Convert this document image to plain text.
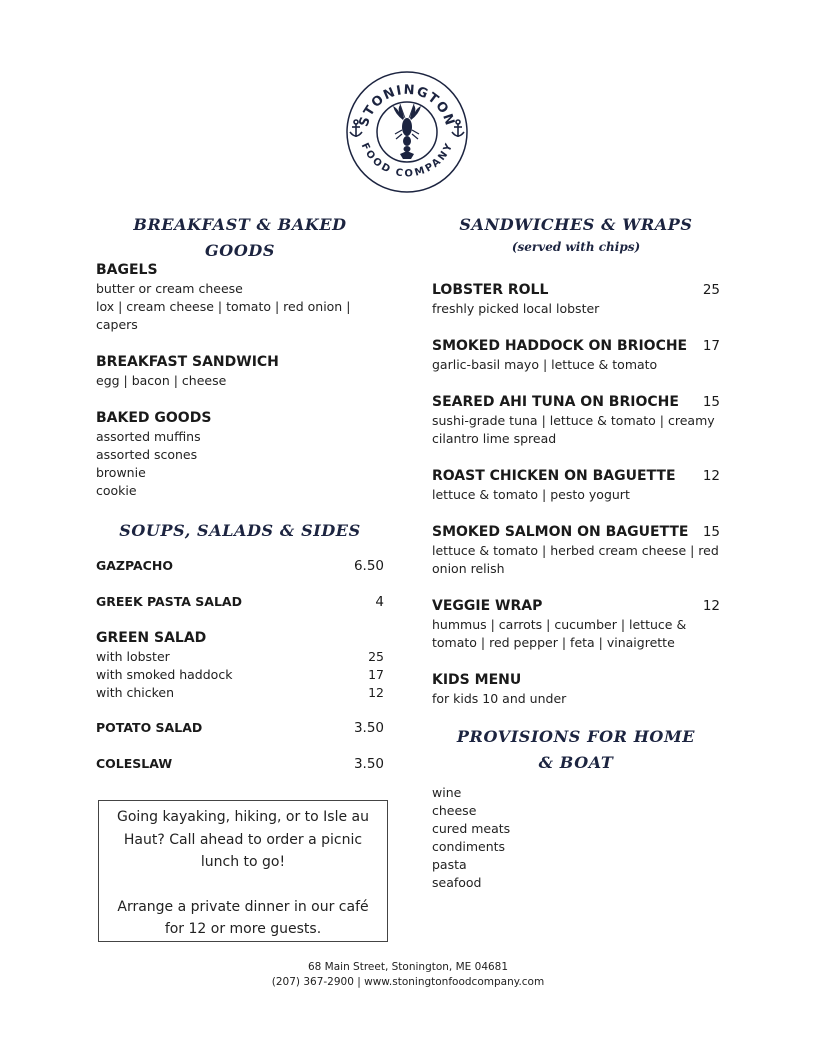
STONINGTON
FOOD COMPANY
BREAKFAST & BAKED GOODS
BAGELS
butter or cream cheese
lox | cream cheese | tomato | red onion |
capers
BREAKFAST SANDWICH
egg | bacon | cheese
BAKED GOODS
assorted muffins
assorted scones
brownie
cookie
SOUPS, SALADS & SIDES
GAZPACHO	6.50
GREEK PASTA SALAD	4
GREEN SALAD
with lobster	25
with smoked haddock	17
with chicken	12
POTATO SALAD	3.50
COLESLAW	3.50

Going kayaking, hiking, or to Isle au Haut? Call ahead to order a picnic lunch to go!

Arrange a private dinner in our café for 12 or more guests.

SANDWICHES & WRAPS
(served with chips)
LOBSTER ROLL	25
freshly picked local lobster
SMOKED HADDOCK ON BRIOCHE 17
garlic-basil mayo | lettuce & tomato
SEARED AHI TUNA ON BRIOCHE 15
sushi-grade tuna | lettuce & tomato | creamy cilantro lime spread
ROAST CHICKEN ON BAGUETTE 12
lettuce & tomato | pesto yogurt
SMOKED SALMON ON BAGUETTE 15
lettuce & tomato | herbed cream cheese | red onion relish
VEGGIE WRAP	12
hummus | carrots | cucumber | lettuce & tomato | red pepper | feta | vinaigrette
KIDS MENU
for kids 10 and under
PROVISIONS FOR HOME & BOAT
wine
cheese
cured meats
condiments
pasta
seafood
68 Main Street, Stonington, ME 04681
(207) 367-2900 | www.stoningtonfoodcompany.com
